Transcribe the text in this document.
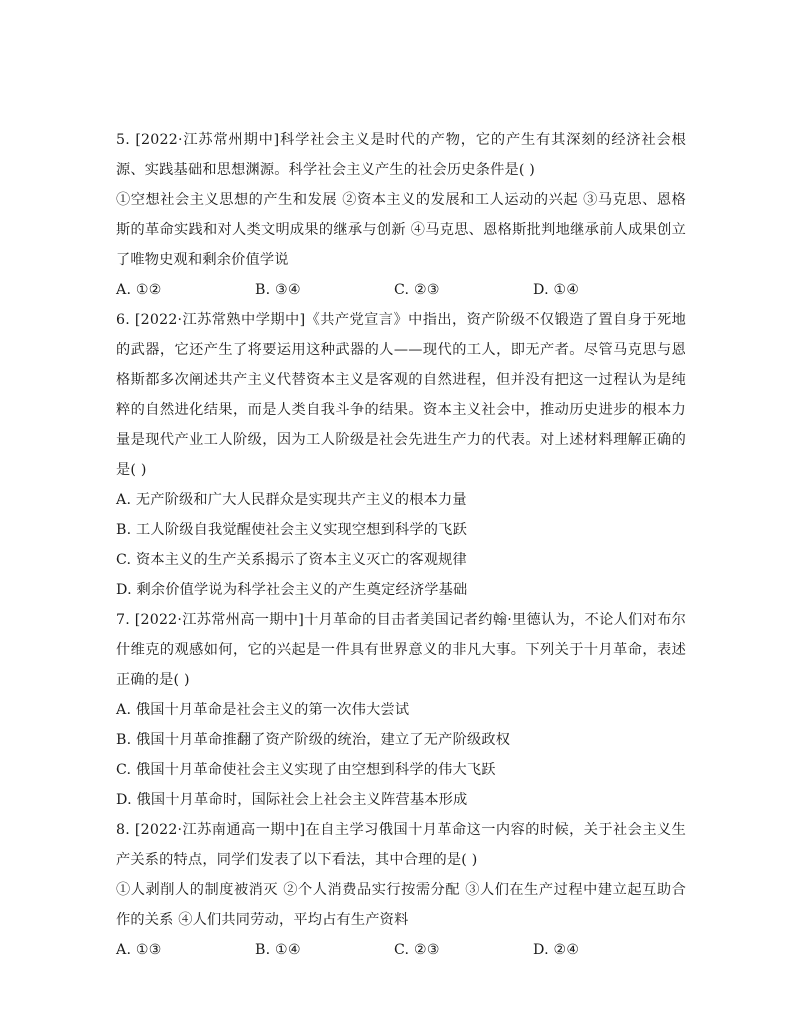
5. [2022·江苏常州期中]科学社会主义是时代的产物，它的产生有其深刻的经济社会根源、实践基础和思想渊源。科学社会主义产生的社会历史条件是( )

①空想社会主义思想的产生和发展 ②资本主义的发展和工人运动的兴起 ③马克思、恩格斯的革命实践和对人类文明成果的继承与创新 ④马克思、恩格斯批判地继承前人成果创立了唯物史观和剩余价值学说

A. ①②	B. ③④	C. ②③	D. ①④

6. [2022·江苏常熟中学期中]《共产党宣言》中指出，资产阶级不仅锻造了置自身于死地的武器，它还产生了将要运用这种武器的人——现代的工人，即无产者。尽管马克思与恩格斯都多次阐述共产主义代替资本主义是客观的自然进程，但并没有把这一过程认为是纯粹的自然进化结果，而是人类自我斗争的结果。资本主义社会中，推动历史进步的根本力量是现代产业工人阶级，因为工人阶级是社会先进生产力的代表。对上述材料理解正确的是( )

A. 无产阶级和广大人民群众是实现共产主义的根本力量

B. 工人阶级自我觉醒使社会主义实现空想到科学的飞跃

C. 资本主义的生产关系揭示了资本主义灭亡的客观规律

D. 剩余价值学说为科学社会主义的产生奠定经济学基础

7. [2022·江苏常州高一期中]十月革命的目击者美国记者约翰·里德认为，不论人们对布尔什维克的观感如何，它的兴起是一件具有世界意义的非凡大事。下列关于十月革命，表述正确的是( )

A. 俄国十月革命是社会主义的第一次伟大尝试

B. 俄国十月革命推翻了资产阶级的统治，建立了无产阶级政权

C. 俄国十月革命使社会主义实现了由空想到科学的伟大飞跃

D. 俄国十月革命时，国际社会上社会主义阵营基本形成

8. [2022·江苏南通高一期中]在自主学习俄国十月革命这一内容的时候，关于社会主义生产关系的特点，同学们发表了以下看法，其中合理的是( )

①人剥削人的制度被消灭 ②个人消费品实行按需分配 ③人们在生产过程中建立起互助合作的关系 ④人们共同劳动，平均占有生产资料

A. ①③	B. ①④	C. ②③	D. ②④
